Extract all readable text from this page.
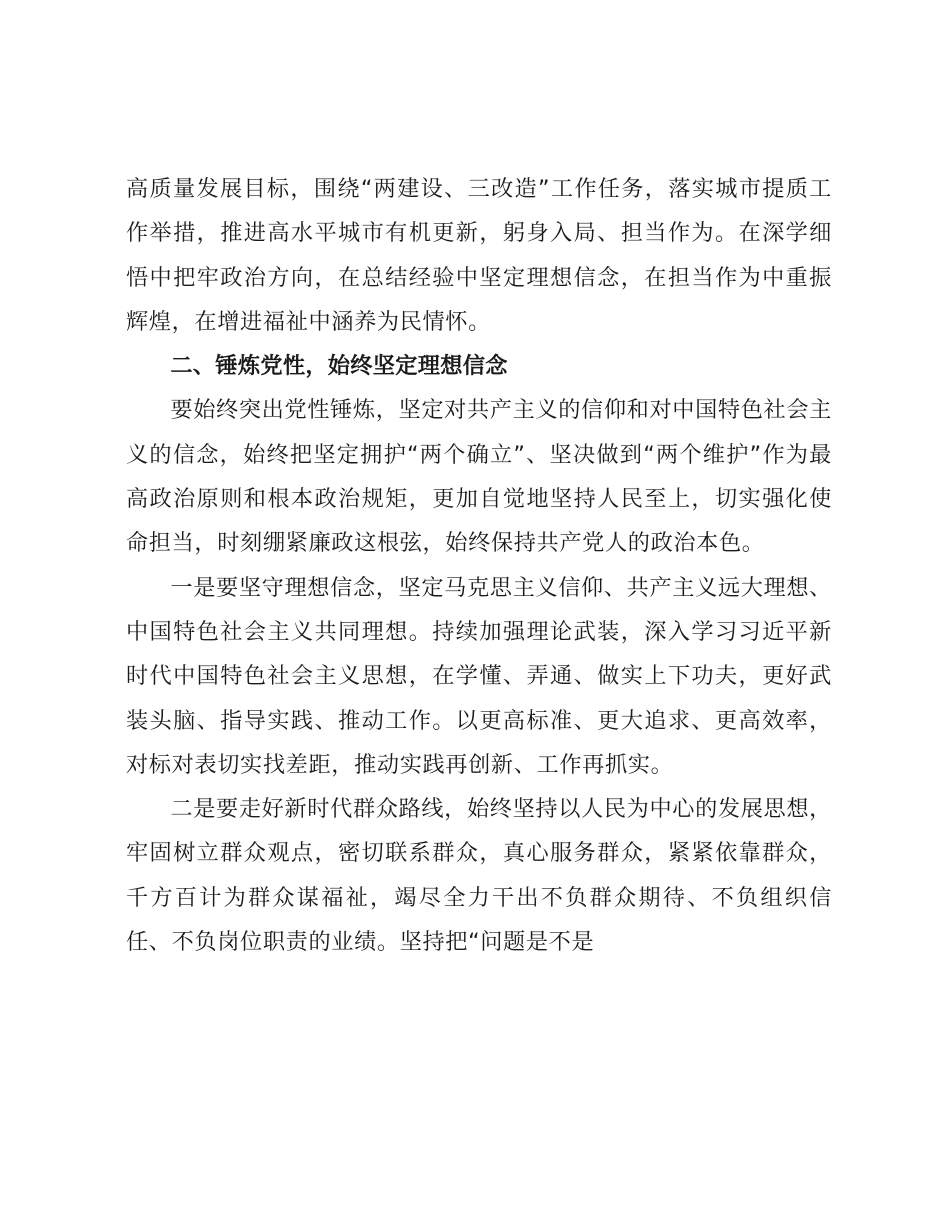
高质量发展目标，围绕“两建设、三改造”工作任务，落实城市提质工作举措，推进高水平城市有机更新，躬身入局、担当作为。在深学细悟中把牢政治方向，在总结经验中坚定理想信念，在担当作为中重振辉煌，在增进福祉中涵养为民情怀。

二、锤炼党性，始终坚定理想信念

要始终突出党性锤炼，坚定对共产主义的信仰和对中国特色社会主义的信念，始终把坚定拥护“两个确立”、坚决做到“两个维护”作为最高政治原则和根本政治规矩，更加自觉地坚持人民至上，切实强化使命担当，时刻绷紧廉政这根弦，始终保持共产党人的政治本色。

一是要坚守理想信念，坚定马克思主义信仰、共产主义远大理想、中国特色社会主义共同理想。持续加强理论武装，深入学习习近平新时代中国特色社会主义思想，在学懂、弄通、做实上下功夫，更好武装头脑、指导实践、推动工作。以更高标准、更大追求、更高效率，对标对表切实找差距，推动实践再创新、工作再抓实。

二是要走好新时代群众路线，始终坚持以人民为中心的发展思想，牢固树立群众观点，密切联系群众，真心服务群众，紧紧依靠群众，千方百计为群众谋福祉，竭尽全力干出不负群众期待、不负组织信任、不负岗位职责的业绩。坚持把“问题是不是
